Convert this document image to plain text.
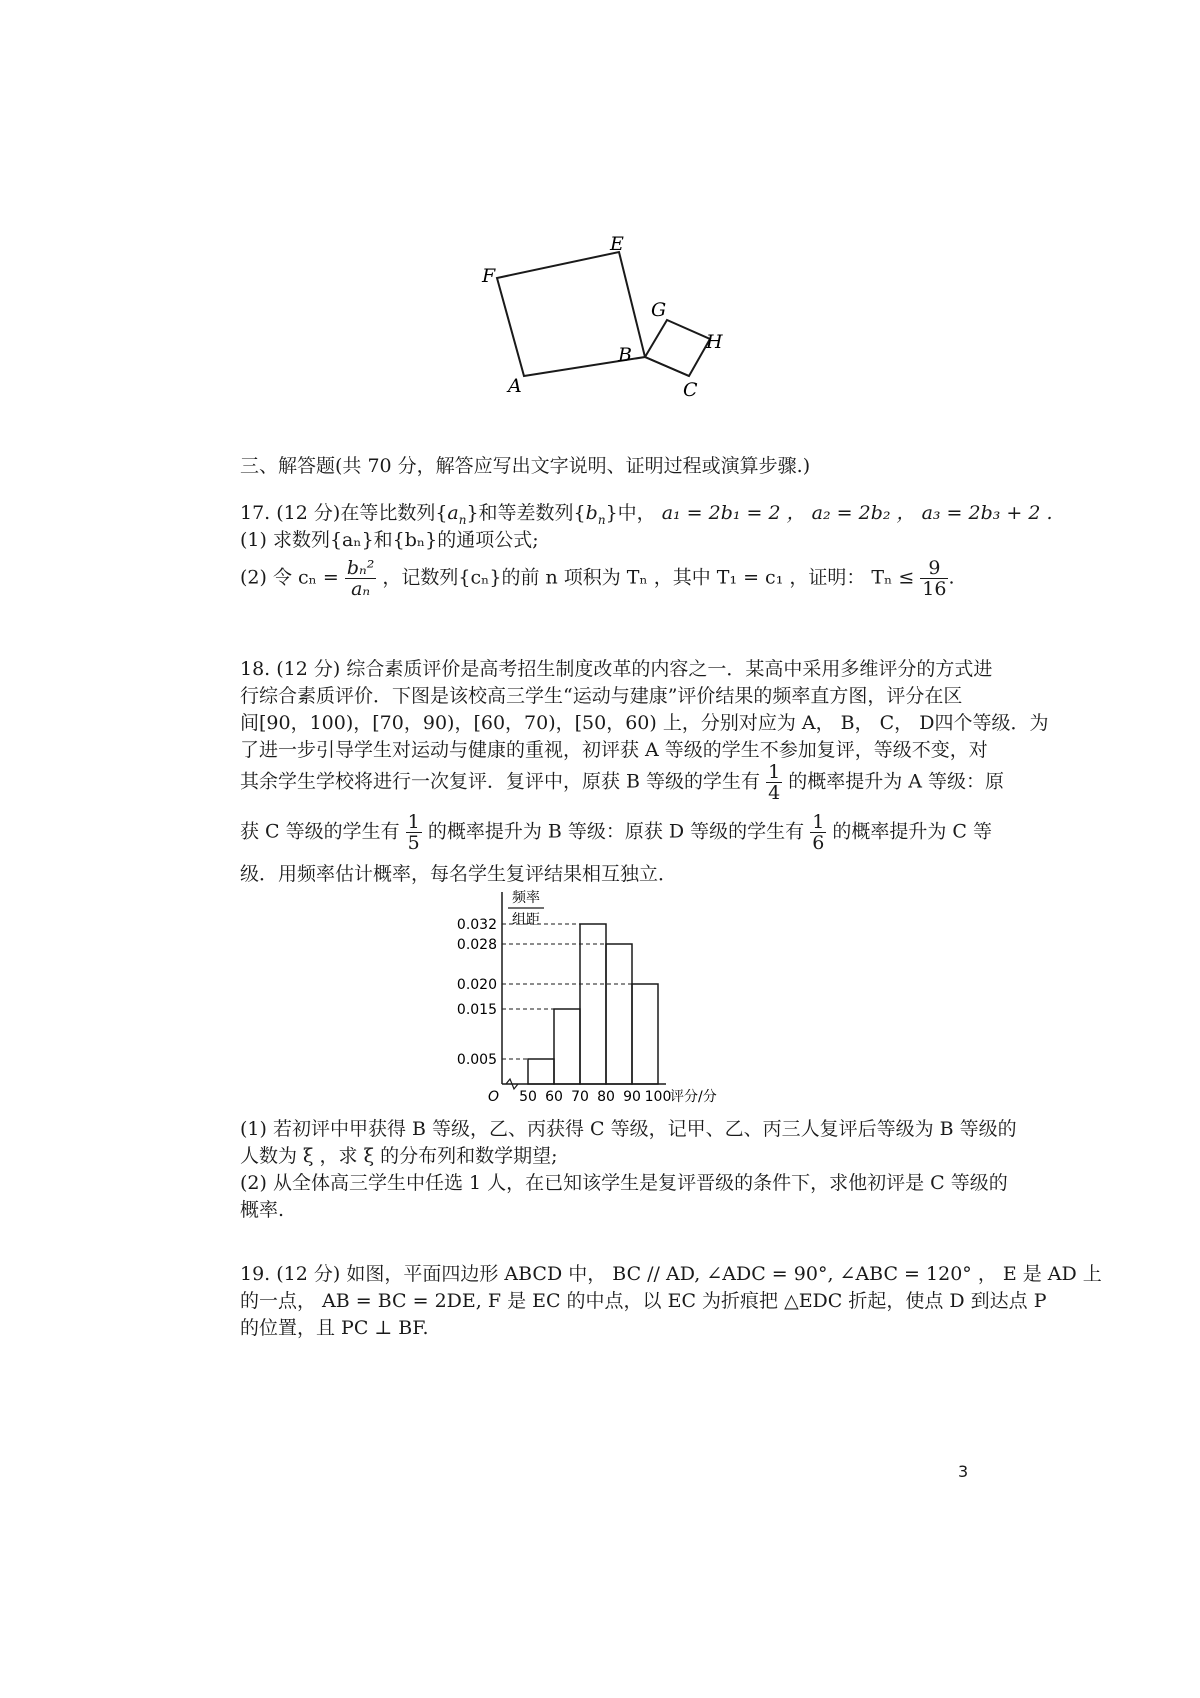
E
F
G
H
B
A	C
三、解答题(共 70 分，解答应写出文字说明、证明过程或演算步骤.)
17. (12 分)在等比数列$\{a_n\}$和等差数列$\{b_n\}$中， a₁ = 2b₁ = 2 ， a₂ = 2b₂ ， a₃ = 2b₃ + 2 .
(1) 求数列{aₙ}和{bₙ}的通项公式;
(2) 令 $c_n = \frac{\text{bₙ²}}{\text{aₙ}}$ ，记数列{cₙ}的前 n 项积为 Tₙ ，其中 T₁ = c₁ ，证明： $T_n \le \frac{9}{16}$ .
18. (12 分) 综合素质评价是高考招生制度改革的内容之一．某高中采用多维评分的方式进
行综合素质评价．下图是该校高三学生“运动与建康”评价结果的频率直方图，评分在区
间[90，100)，[70，90)，[60，70)，[50，60) 上，分别对应为 A， B， C， D四个等级．为
了进一步引导学生对运动与健康的重视，初评获 A 等级的学生不参加复评，等级不变，对
其余学生学校将进行一次复评．复评中，原获 B 等级的学生有 $\frac{1}{4}$ 的概率提升为 A 等级：原
获 C 等级的学生有 $\frac{1}{5}$ 的概率提升为 B 等级：原获 D 等级的学生有 $\frac{1}{6}$ 的概率提升为 C 等
级．用频率估计概率，每名学生复评结果相互独立．
0.032
0.028
0.020
0.015
0.005
50 60 70 80 90 100
O	评分/分
频率
组距
(1) 若初评中甲获得 B 等级，乙、丙获得 C 等级，记甲、乙、丙三人复评后等级为 B 等级的
人数为 ξ ，求 ξ 的分布列和数学期望;
(2) 从全体高三学生中任选 1 人，在已知该学生是复评晋级的条件下，求他初评是 C 等级的
概率.
19. (12 分) 如图，平面四边形 ABCD 中， BC // AD, ∠ADC = 90°, ∠ABC = 120° ， E 是 AD 上
的一点， AB = BC = 2DE, F 是 EC 的中点，以 EC 为折痕把 △EDC 折起，使点 D 到达点 P
的位置，且 PC ⊥ BF.
3
